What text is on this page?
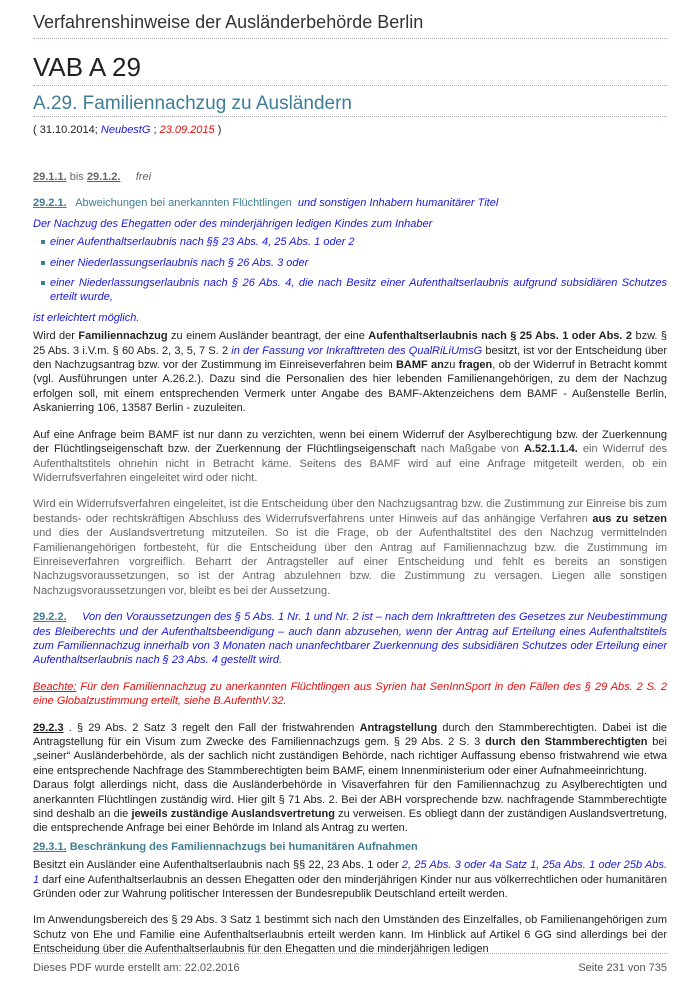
Verfahrenshinweise der Ausländerbehörde Berlin
VAB A 29
A.29. Familiennachzug zu Ausländern
( 31.10.2014; NeubestG ; 23.09.2015 )

29.1.1. bis 29.1.2. frei

29.2.1. Abweichungen bei anerkannten Flüchtlingen und sonstigen Inhabern humanitärer Titel

Der Nachzug des Ehegatten oder des minderjährigen ledigen Kindes zum Inhaber

einer Aufenthaltserlaubnis nach §§ 23 Abs. 4, 25 Abs. 1 oder 2
einer Niederlassungserlaubnis nach § 26 Abs. 3 oder
einer Niederlassungserlaubnis nach § 26 Abs. 4, die nach Besitz einer Aufenthaltserlaubnis aufgrund subsidiären Schutzes erteilt wurde,

ist erleichtert möglich.

Wird der Familiennachzug zu einem Ausländer beantragt, der eine Aufenthaltserlaubnis nach § 25 Abs. 1 oder Abs. 2 bzw. § 25 Abs. 3 i.V.m. § 60 Abs. 2, 3, 5, 7 S. 2 in der Fassung vor Inkrafttreten des QualRiLiUmsG besitzt, ist vor der Entscheidung über den Nachzugsantrag bzw. vor der Zustimmung im Einreiseverfahren beim BAMF anzu fragen, ob der Widerruf in Betracht kommt (vgl. Ausführungen unter A.26.2.). Dazu sind die Personalien des hier lebenden Familienangehörigen, zu dem der Nachzug erfolgen soll, mit einem entsprechenden Vermerk unter Angabe des BAMF-Aktenzeichens dem BAMF - Außenstelle Berlin, Askanierring 106, 13587 Berlin - zuzuleiten.

Auf eine Anfrage beim BAMF ist nur dann zu verzichten, wenn bei einem Widerruf der Asylberechtigung bzw. der Zuerkennung der Flüchtlingseigenschaft bzw. der Zuerkennung der Flüchtlingseigenschaft nach Maßgabe von A.52.1.1.4. ein Widerruf des Aufenthaltstitels ohnehin nicht in Betracht käme. Seitens des BAMF wird auf eine Anfrage mitgeteilt werden, ob ein Widerrufsverfahren eingeleitet wird oder nicht.

Wird ein Widerrufsverfahren eingeleitet, ist die Entscheidung über den Nachzugsantrag bzw. die Zustimmung zur Einreise bis zum bestands- oder rechtskräftigen Abschluss des Widerrufsverfahrens unter Hinweis auf das anhängige Verfahren aus zu setzen und dies der Auslandsvertretung mitzuteilen. So ist die Frage, ob der Aufenthaltstitel des den Nachzug vermittelnden Familienangehörigen fortbesteht, für die Entscheidung über den Antrag auf Familiennachzug bzw. die Zustimmung im Einreiseverfahren vorgreiflich. Beharrt der Antragsteller auf einer Entscheidung und fehlt es bereits an sonstigen Nachzugsvoraussetzungen, so ist der Antrag abzulehnen bzw. die Zustimmung zu versagen. Liegen alle sonstigen Nachzugsvoraussetzungen vor, bleibt es bei der Aussetzung.

29.2.2. Von den Voraussetzungen des § 5 Abs. 1 Nr. 1 und Nr. 2 ist – nach dem Inkrafttreten des Gesetzes zur Neubestimmung des Bleiberechts und der Aufenthaltsbeendigung – auch dann abzusehen, wenn der Antrag auf Erteilung eines Aufenthaltstitels zum Familiennachzug innerhalb von 3 Monaten nach unanfechtbarer Zuerkennung des subsidiären Schutzes oder Erteilung einer Aufenthaltserlaubnis nach § 23 Abs. 4 gestellt wird.

Beachte: Für den Familiennachzug zu anerkannten Flüchtlingen aus Syrien hat SenInnSport in den Fällen des § 29 Abs. 2 S. 2 eine Globalzustimmung erteilt, siehe B.AufenthV.32.

29.2.3 . § 29 Abs. 2 Satz 3 regelt den Fall der fristwahrenden Antragstellung durch den Stammberechtigten. Dabei ist die Antragstellung für ein Visum zum Zwecke des Familiennachzugs gem. § 29 Abs. 2 S. 3 durch den Stammberechtigten bei „seiner“ Ausländerbehörde, als der sachlich nicht zuständigen Behörde, nach richtiger Auffassung ebenso fristwahrend wie etwa eine entsprechende Nachfrage des Stammberechtigten beim BAMF, einem Innenministerium oder einer Aufnahmeeinrichtung.
Daraus folgt allerdings nicht, dass die Ausländerbehörde in Visaverfahren für den Familiennachzug zu Asylberechtigten und anerkannten Flüchtlingen zuständig wird. Hier gilt § 71 Abs. 2. Bei der ABH vorsprechende bzw. nachfragende Stammberechtigte sind deshalb an die jeweils zuständige Auslandsvertretung zu verweisen. Es obliegt dann der zuständigen Auslandsvertretung, die entsprechende Anfrage bei einer Behörde im Inland als Antrag zu werten.

29.3.1. Beschränkung des Familiennachzugs bei humanitären Aufnahmen

Besitzt ein Ausländer eine Aufenthaltserlaubnis nach §§ 22, 23 Abs. 1 oder 2, 25 Abs. 3 oder 4a Satz 1, 25a Abs. 1 oder 25b Abs. 1 darf eine Aufenthaltserlaubnis an dessen Ehegatten oder den minderjährigen Kinder nur aus völkerrechtlichen oder humanitären Gründen oder zur Wahrung politischer Interessen der Bundesrepublik Deutschland erteilt werden.

Im Anwendungsbereich des § 29 Abs. 3 Satz 1 bestimmt sich nach den Umständen des Einzelfalles, ob Familienangehörigen zum Schutz von Ehe und Familie eine Aufenthaltserlaubnis erteilt werden kann. Im Hinblick auf Artikel 6 GG sind allerdings bei der Entscheidung über die Aufenthaltserlaubnis für den Ehegatten und die minderjährigen ledigen

Dieses PDF wurde erstellt am: 22.02.2016	Seite 231 von 735
